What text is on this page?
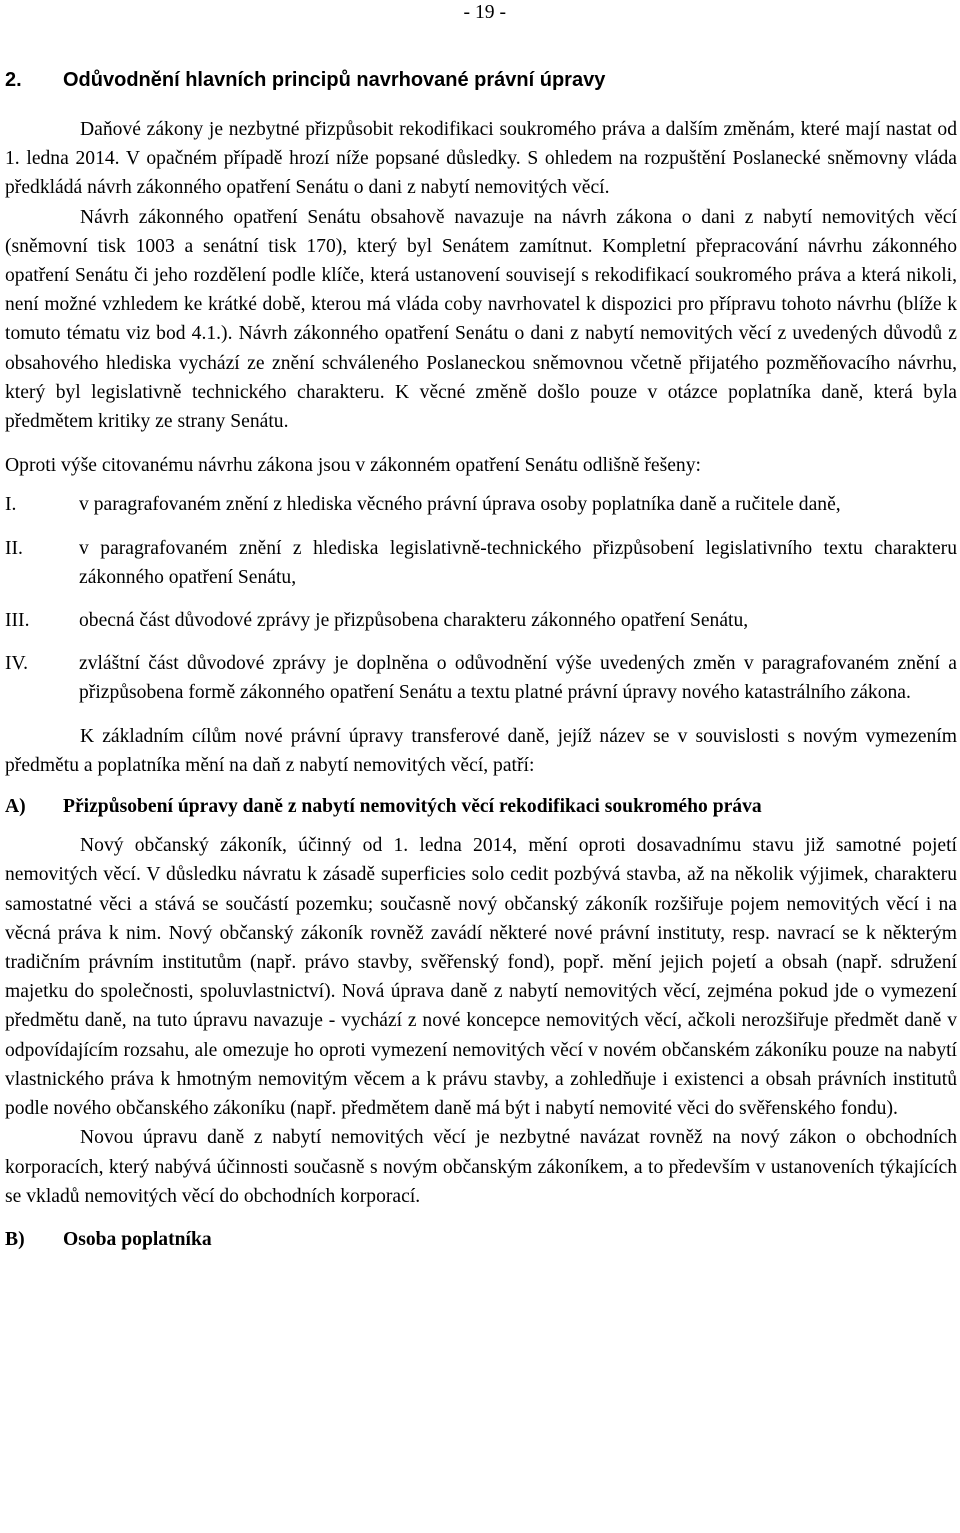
- 19 -
2.	Odůvodnění hlavních principů navrhované právní úpravy

Daňové zákony je nezbytné přizpůsobit rekodifikaci soukromého práva a dalším změnám, které mají nastat od 1. ledna 2014. V opačném případě hrozí níže popsané důsledky. S ohledem na rozpuštění Poslanecké sněmovny vláda předkládá návrh zákonného opatření Senátu o dani z nabytí nemovitých věcí.

Návrh zákonného opatření Senátu obsahově navazuje na návrh zákona o dani z nabytí nemovitých věcí (sněmovní tisk 1003 a senátní tisk 170), který byl Senátem zamítnut. Kompletní přepracování návrhu zákonného opatření Senátu či jeho rozdělení podle klíče, která ustanovení souvisejí s rekodifikací soukromého práva a která nikoli, není možné vzhledem ke krátké době, kterou má vláda coby navrhovatel k dispozici pro přípravu tohoto návrhu (blíže k tomuto tématu viz bod 4.1.). Návrh zákonného opatření Senátu o dani z nabytí nemovitých věcí z uvedených důvodů z obsahového hlediska vychází ze znění schváleného Poslaneckou sněmovnou včetně přijatého pozměňovacího návrhu, který byl legislativně technického charakteru. K věcné změně došlo pouze v otázce poplatníka daně, která byla předmětem kritiky ze strany Senátu.

Oproti výše citovanému návrhu zákona jsou v zákonném opatření Senátu odlišně řešeny:

I.	v paragrafovaném znění z hlediska věcného právní úprava osoby poplatníka daně a ručitele daně,
II.	v paragrafovaném znění z hlediska legislativně-technického přizpůsobení legislativního textu charakteru zákonného opatření Senátu,
III.	obecná část důvodové zprávy je přizpůsobena charakteru zákonného opatření Senátu,
IV.	zvláštní část důvodové zprávy je doplněna o odůvodnění výše uvedených změn v paragrafovaném znění a přizpůsobena formě zákonného opatření Senátu a textu platné právní úpravy nového katastrálního zákona.

K základním cílům nové právní úpravy transferové daně, jejíž název se v souvislosti s novým vymezením předmětu a poplatníka mění na daň z nabytí nemovitých věcí, patří:

A)	Přizpůsobení úpravy daně z nabytí nemovitých věcí rekodifikaci soukromého práva

Nový občanský zákoník, účinný od 1. ledna 2014, mění oproti dosavadnímu stavu již samotné pojetí nemovitých věcí. V důsledku návratu k zásadě superficies solo cedit pozbývá stavba, až na několik výjimek, charakteru samostatné věci a stává se součástí pozemku; současně nový občanský zákoník rozšiřuje pojem nemovitých věcí i na věcná práva k nim. Nový občanský zákoník rovněž zavádí některé nové právní instituty, resp. navrací se k některým tradičním právním institutům (např. právo stavby, svěřenský fond), popř. mění jejich pojetí a obsah (např. sdružení majetku do společnosti, spoluvlastnictví). Nová úprava daně z nabytí nemovitých věcí, zejména pokud jde o vymezení předmětu daně, na tuto úpravu navazuje - vychází z nové koncepce nemovitých věcí, ačkoli nerozšiřuje předmět daně v odpovídajícím rozsahu, ale omezuje ho oproti vymezení nemovitých věcí v novém občanském zákoníku pouze na nabytí vlastnického práva k hmotným nemovitým věcem a k právu stavby, a zohledňuje i existenci a obsah právních institutů podle nového občanského zákoníku (např. předmětem daně má být i nabytí nemovité věci do svěřenského fondu).

Novou úpravu daně z nabytí nemovitých věcí je nezbytné navázat rovněž na nový zákon o obchodních korporacích, který nabývá účinnosti současně s novým občanským zákoníkem, a to především v ustanoveních týkajících se vkladů nemovitých věcí do obchodních korporací.

B)	Osoba poplatníka
